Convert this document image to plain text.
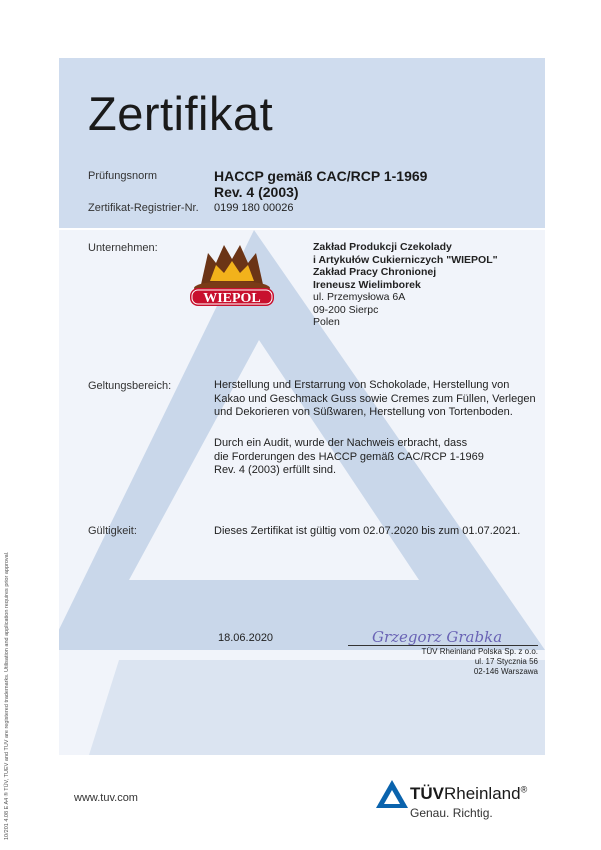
Zertifikat
Prüfungsnorm	HACCP gemäß CAC/RCP 1-1969
Rev. 4 (2003)
Zertifikat-Registrier-Nr. 0199 180 00026
Unternehmen:
WIEPOL
Zakład Produkcji Czekolady
i Artykułów Cukierniczych "WIEPOL"
Zakład Pracy Chronionej
Ireneusz Wielimborek
ul. Przemysłowa 6A
09-200 Sierpc
Polen
Geltungsbereich:	Herstellung und Erstarrung von Schokolade, Herstellung von
Kakao und Geschmack Guss sowie Cremes zum Füllen, Verlegen
und Dekorieren von Süßwaren, Herstellung von Tortenboden.
Durch ein Audit, wurde der Nachweis erbracht, dass
die Forderungen des HACCP gemäß CAC/RCP 1-1969
Rev. 4 (2003) erfüllt sind.
Gültigkeit:	Dieses Zertifikat ist gültig vom 02.07.2020 bis zum 01.07.2021.
18.06.2020	Grzegorz Grabka
TÜV Rheinland Polska Sp. z o.o.
ul. 17 Stycznia 56
02-146 Warszawa
10/201 4.08 E A4 ® TÜV, TUEV and TUV are registered trademarks. Utilisation and application requires prior approval.	www.tuv.com	TÜVRheinland®
Genau. Richtig.
